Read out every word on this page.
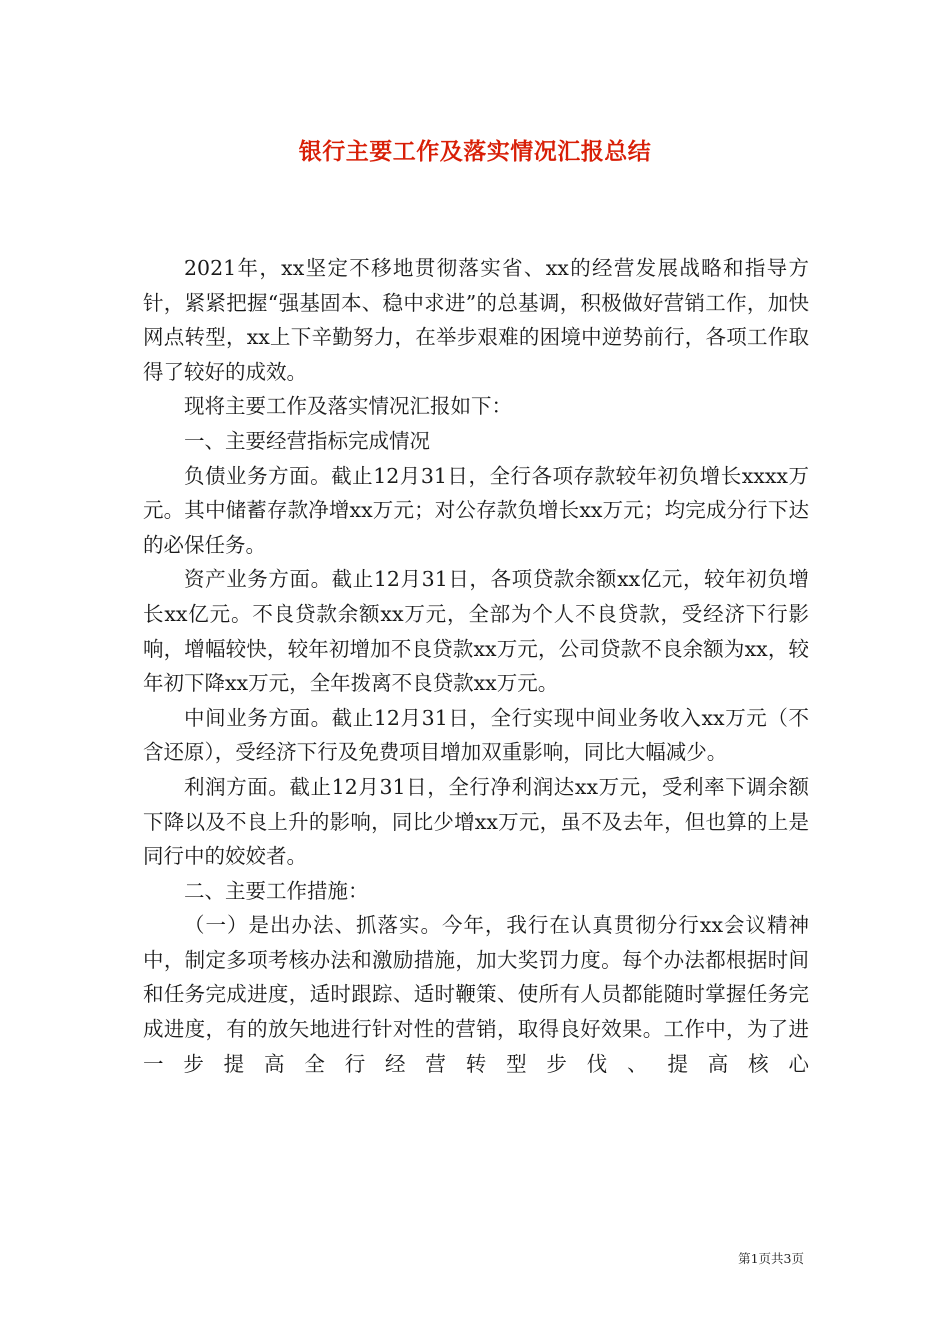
银行主要工作及落实情况汇报总结

2021年，xx坚定不移地贯彻落实省、xx的经营发展战略和指导方针，紧紧把握“强基固本、稳中求进”的总基调，积极做好营销工作，加快网点转型，xx上下辛勤努力，在举步艰难的困境中逆势前行，各项工作取得了较好的成效。

现将主要工作及落实情况汇报如下：

一、主要经营指标完成情况

负债业务方面。截止12月31日，全行各项存款较年初负增长xxxx万元。其中储蓄存款净增xx万元；对公存款负增长xx万元；均完成分行下达的必保任务。

资产业务方面。截止12月31日，各项贷款余额xx亿元，较年初负增长xx亿元。不良贷款余额xx万元，全部为个人不良贷款，受经济下行影响，增幅较快，较年初增加不良贷款xx万元，公司贷款不良余额为xx，较年初下降xx万元，全年拨离不良贷款xx万元。

中间业务方面。截止12月31日，全行实现中间业务收入xx万元（不含还原），受经济下行及免费项目增加双重影响，同比大幅减少。

利润方面。截止12月31日，全行净利润达xx万元，受利率下调余额下降以及不良上升的影响，同比少增xx万元，虽不及去年，但也算的上是同行中的姣姣者。

二、主要工作措施：

（一）是出办法、抓落实。今年，我行在认真贯彻分行xx会议精神中，制定多项考核办法和激励措施，加大奖罚力度。每个办法都根据时间和任务完成进度，适时跟踪、适时鞭策、使所有人员都能随时掌握任务完成进度，有的放矢地进行针对性的营销，取得良好效果。工作中，为了进一步提高全行经营转型步伐、提高核心

第1页共3页
